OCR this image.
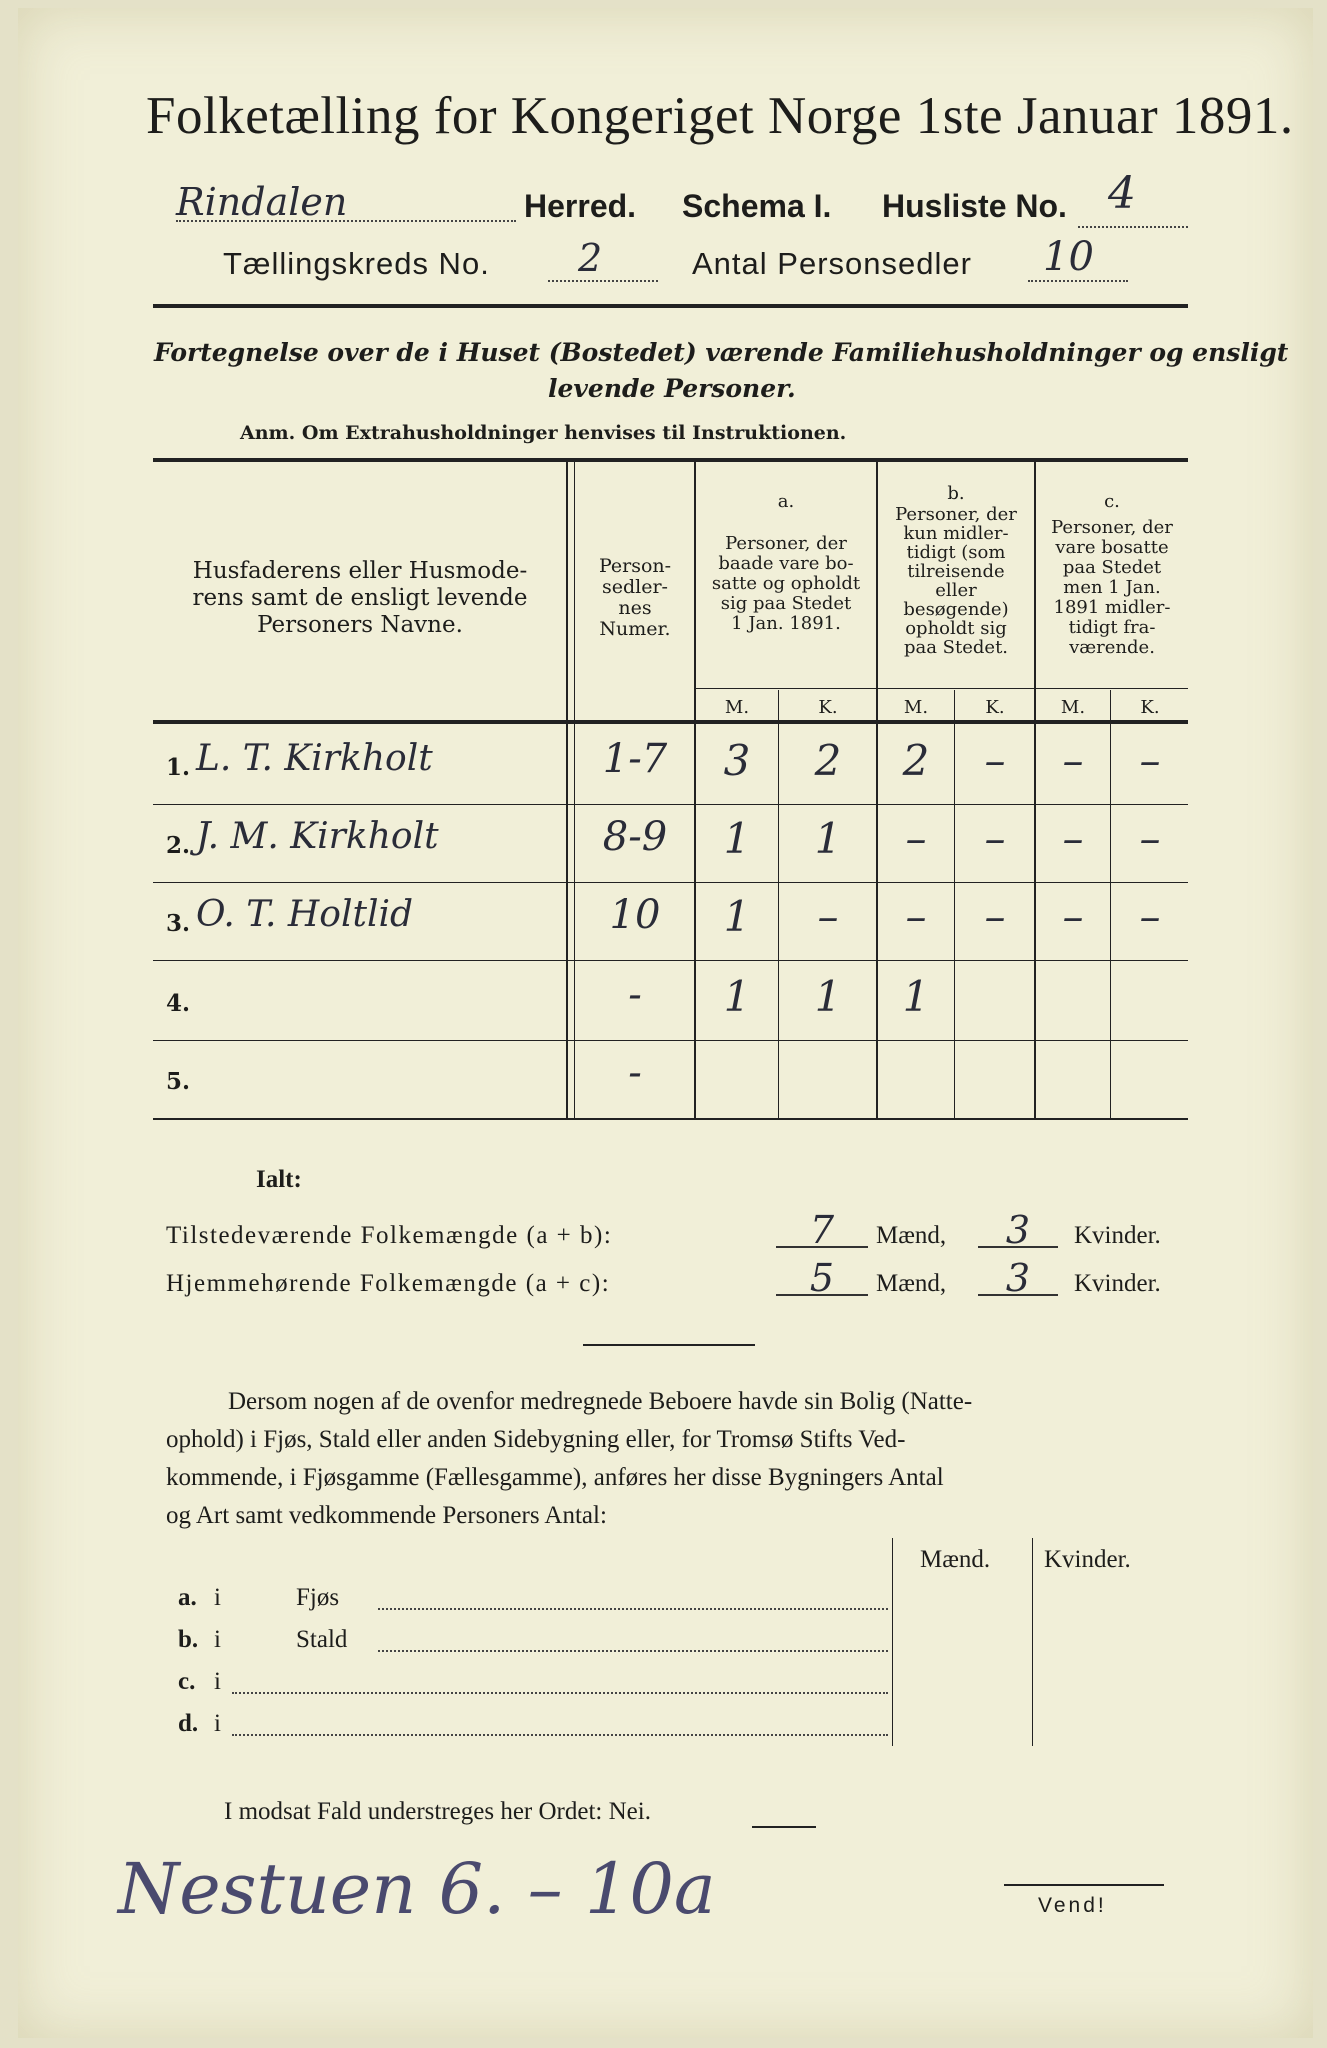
Folketælling for Kongeriget Norge 1ste Januar 1891.
Rindalen	Herred. Schema I. Husliste No. 4
Tællingskreds No. 2	Antal Personsedler 10
Fortegnelse over de i Huset (Bostedet) værende Familiehusholdninger og ensligt
levende Personer.
Anm. Om Extrahusholdninger henvises til Instruktionen.
Husfaderens eller Husmode-
rens samt de ensligt levende
Personers Navne.
Person-
sedler-
nes
Numer.
a.
Personer, der
baade vare bo-
satte og opholdt
sig paa Stedet
1 Jan. 1891.
b.
Personer, der
kun midler-
tidigt (som
tilreisende
eller
besøgende)
opholdt sig
paa Stedet.
c.
Personer, der
vare bosatte
paa Stedet
men 1 Jan.
1891 midler-
tidigt fra-
værende.
M.	K.	M.	K.	M.	K.
1. L. T. Kirkholt	1-7	3	2	2	–	–	–
2. J. M. Kirkholt	8-9	1	1	–	–	–	–
3. O. T. Holtlid	10	1	–	–	–	–	–
4.	-	1	1	1
5.	-
Ialt:
Tilstedeværende Folkemængde (a + b):	7	Mænd,	3	Kvinder.
Hjemmehørende Folkemængde (a + c):	5	Mænd,	3	Kvinder.
Dersom nogen af de ovenfor medregnede Beboere havde sin Bolig (Natte-
ophold) i Fjøs, Stald eller anden Sidebygning eller, for Tromsø Stifts Ved-
kommende, i Fjøsgamme (Fællesgamme), anføres her disse Bygningers Antal
og Art samt vedkommende Personers Antal:
Mænd. Kvinder.
a. i	Fjøs
b. i	Stald
c. i
d. i
I modsat Fald understreges her Ordet: Nei.
Nestuen 6. – 10a	Vend!
